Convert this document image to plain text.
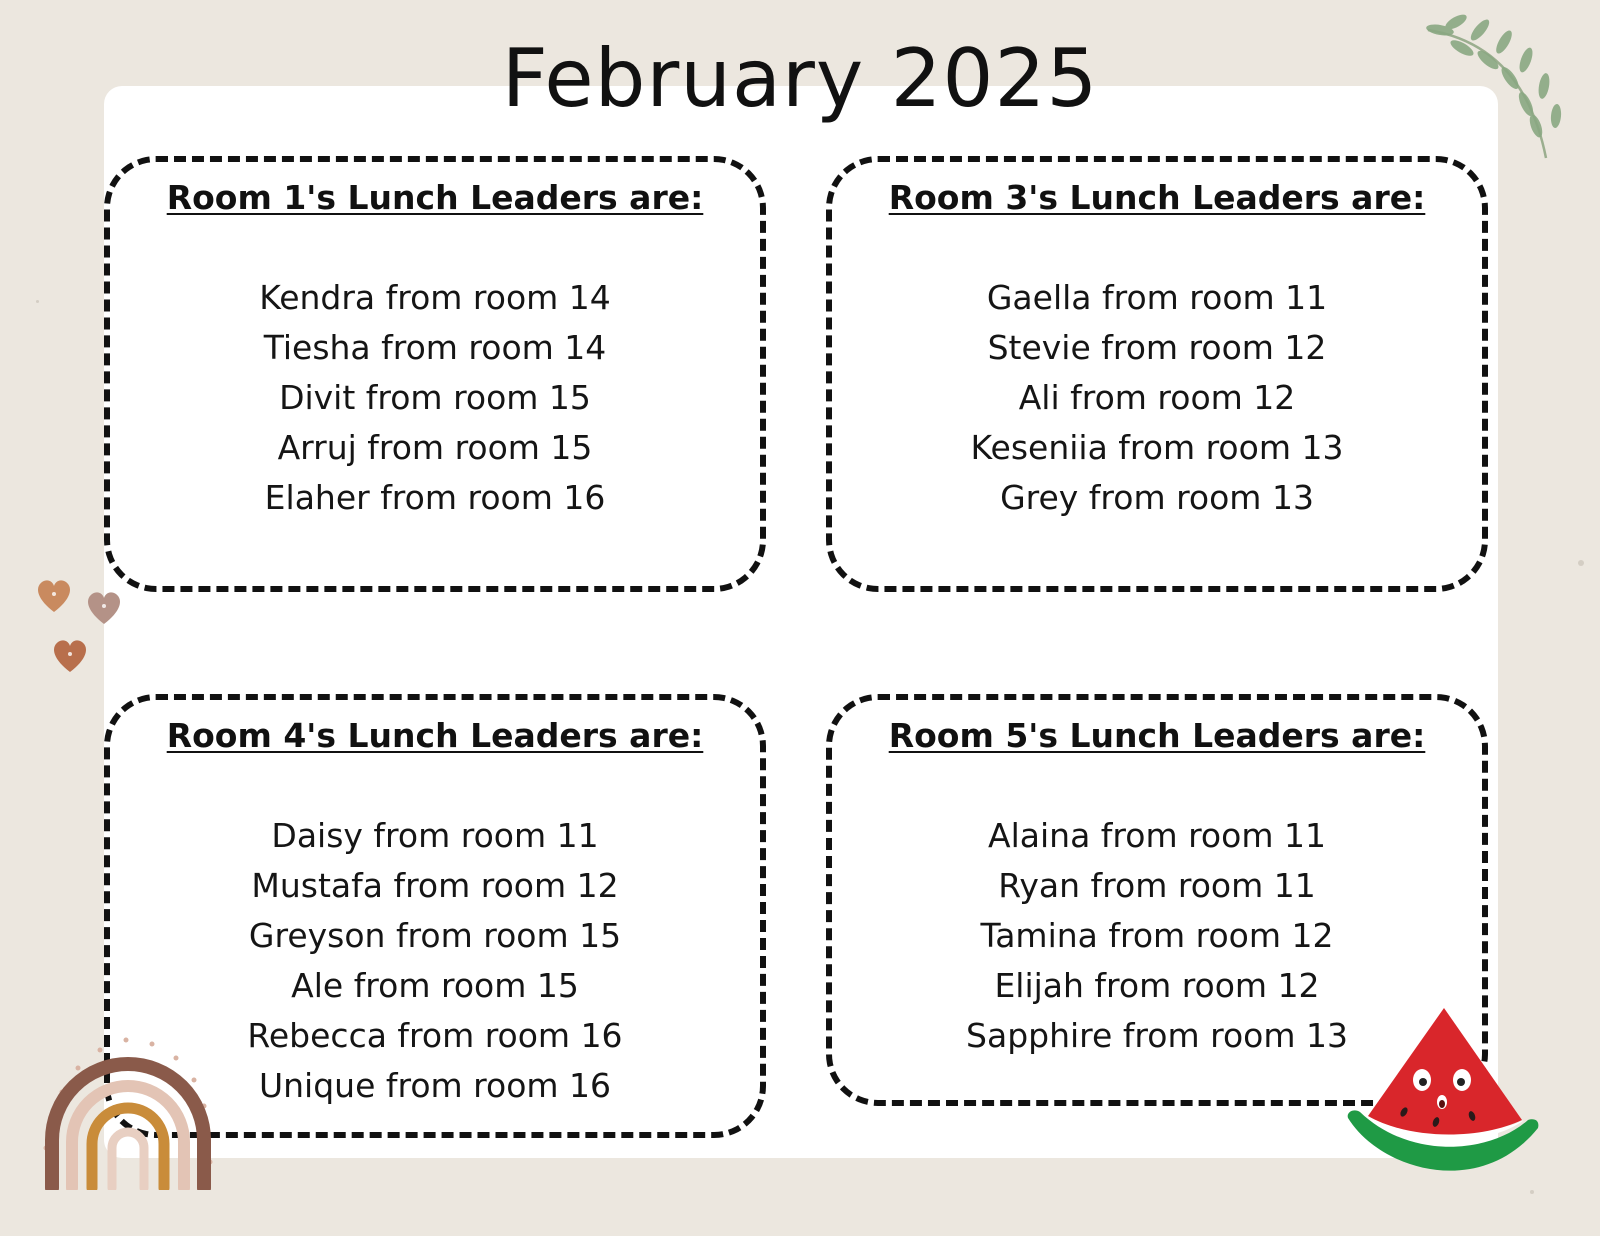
February 2025
Room 1's Lunch Leaders are:
Kendra from room 14
Tiesha from room 14
Divit from room 15
Arruj from room 15
Elaher from room 16
Room 3's Lunch Leaders are:
Gaella from room 11
Stevie from room 12
Ali from room 12
Keseniia from room 13
Grey from room 13
Room 4's Lunch Leaders are:
Daisy from room 11
Mustafa from room 12
Greyson from room 15
Ale from room 15
Rebecca from room 16
Unique from room 16
Room 5's Lunch Leaders are:
Alaina from room 11
Ryan from room 11
Tamina from room 12
Elijah from room 12
Sapphire from room 13
